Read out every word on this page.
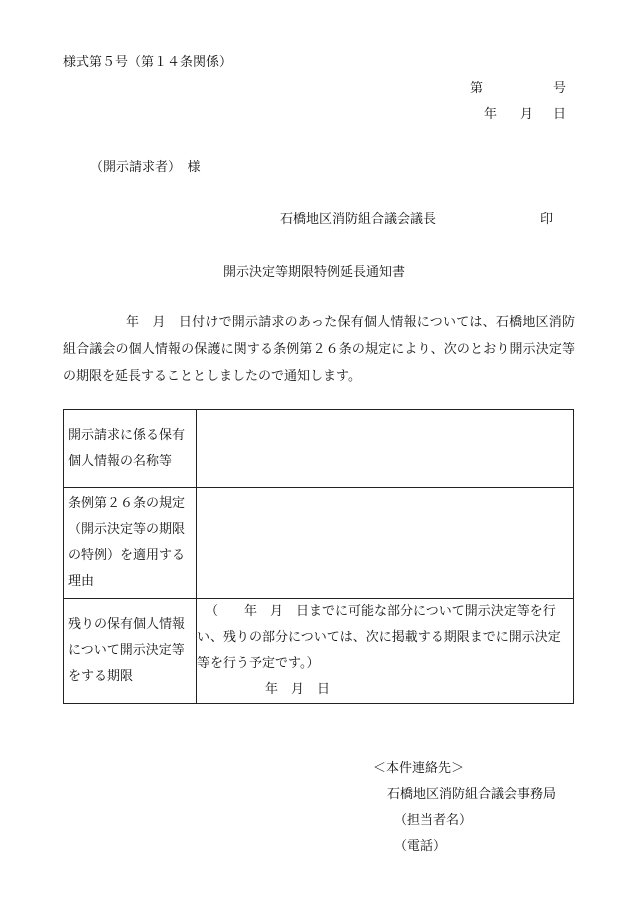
様式第５号（第１４条関係）
第	号
年 月 日
（開示請求者）　様
石橋地区消防組合議会議長	印
開示決定等期限特例延長通知書
年　月　日付けで開示請求のあった保有個人情報については、石橋地区消防組合議会の個人情報の保護に関する条例第２６条の規定により、次のとおり開示決定等の期限を延長することとしましたので通知します。
開示請求に係る保有個人情報の名称等	
条例第２６条の規定（開示決定等の期限の特例）を適用する理由	
残りの保有個人情報について開示決定等をする期限	（　　年　月　日までに可能な部分について開示決定等を行い、残りの部分については、次に掲載する期限までに開示決定等を行う予定です。）
年　月　日
＜本件連絡先＞
石橋地区消防組合議会事務局
（担当者名）
（電話）
